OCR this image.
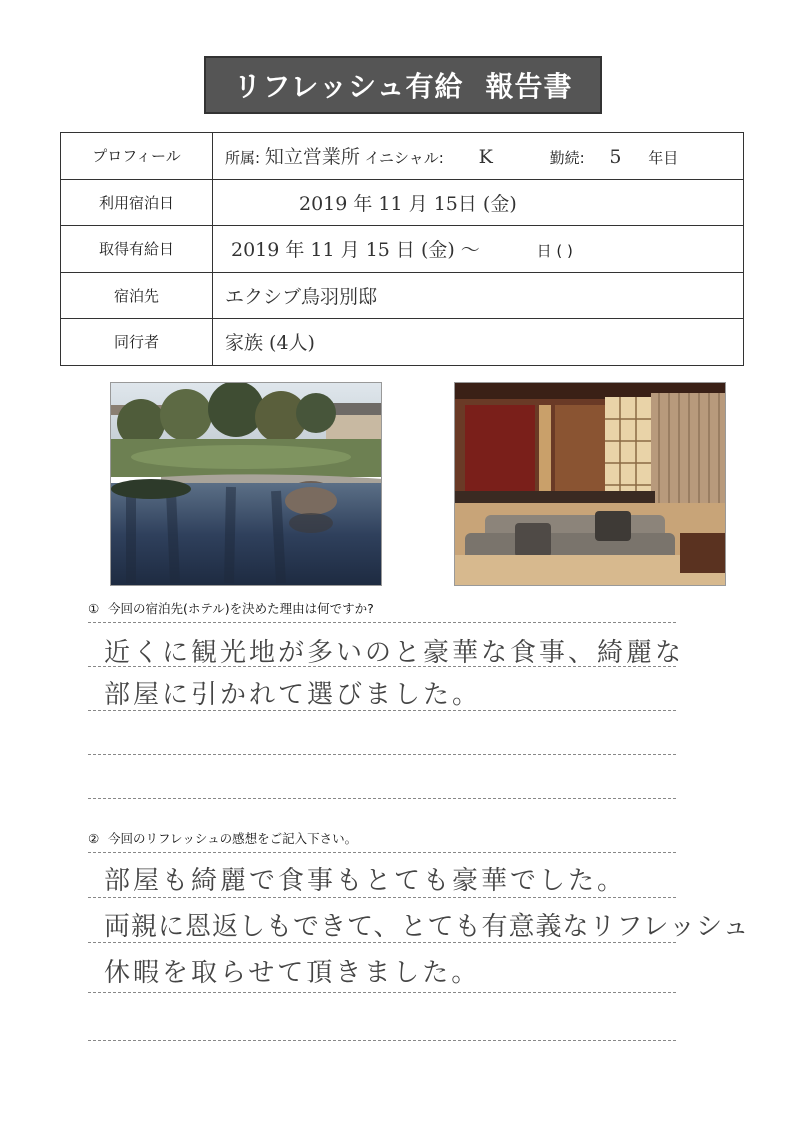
リフレッシュ有給 報告書
プロフィール	所属: 知立営業所 イニシャル: K 勤続: 5 年目
利用宿泊日	2019 年 11 月 15日 (金)
取得有給日	2019 年 11 月 15 日 (金) 〜 日 ( )
宿泊先	エクシブ鳥羽別邸
同行者	家族 (4人)
① 今回の宿泊先(ホテル)を決めた理由は何ですか?
近くに観光地が多いのと豪華な食事、綺麗な
部屋に引かれて選びました。
② 今回のリフレッシュの感想をご記入下さい。
部屋も綺麗で食事もとても豪華でした。
両親に恩返しもできて、とても有意義なリフレッシュ
休暇を取らせて頂きました。
